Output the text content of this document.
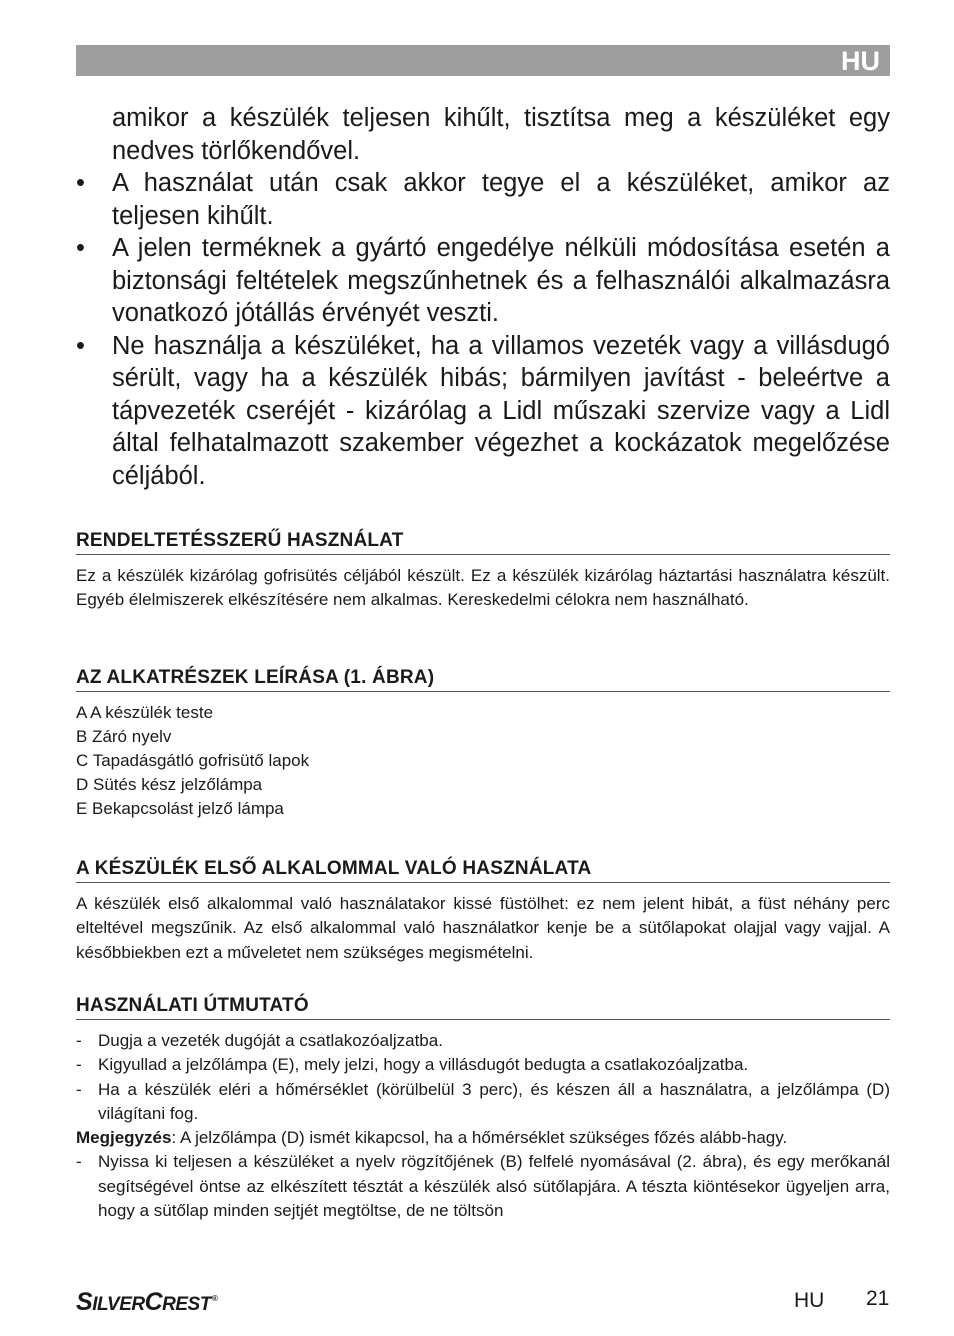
HU

amikor a készülék teljesen kihűlt, tisztítsa meg a készüléket egy nedves törlőkendővel.

• A használat után csak akkor tegye el a készüléket, amikor az teljesen kihűlt.
• A jelen terméknek a gyártó engedélye nélküli módosítása esetén a biztonsági feltételek megszűnhetnek és a felhasználói alkalmazásra vonatkozó jótállás érvényét veszti.
• Ne használja a készüléket, ha a villamos vezeték vagy a villásdugó sérült, vagy ha a készülék hibás; bármilyen javítást - beleértve a tápvezeték cseréjét - kizárólag a Lidl műszaki szervize vagy a Lidl által felhatalmazott szakember végezhet a kockázatok megelőzése céljából.
RENDELTETÉSSZERŰ HASZNÁLAT

Ez a készülék kizárólag gofrisütés céljából készült. Ez a készülék kizárólag háztartási használatra készült. Egyéb élelmiszerek elkészítésére nem alkalmas. Kereskedelmi célokra nem használható.

AZ ALKATRÉSZEK LEÍRÁSA (1. ÁBRA)
A A készülék teste
B Záró nyelv
C Tapadásgátló gofrisütő lapok
D Sütés kész jelzőlámpa
E Bekapcsolást jelző lámpa
A KÉSZÜLÉK ELSŐ ALKALOMMAL VALÓ HASZNÁLATA

A készülék első alkalommal való használatakor kissé füstölhet: ez nem jelent hibát, a füst néhány perc elteltével megszűnik. Az első alkalommal való használatkor kenje be a sütőlapokat olajjal vagy vajjal. A későbbiekben ezt a műveletet nem szükséges megismételni.

HASZNÁLATI ÚTMUTATÓ
- Dugja a vezeték dugóját a csatlakozóaljzatba.
- Kigyullad a jelzőlámpa (E), mely jelzi, hogy a villásdugót bedugta a csatlakozóaljzatba.
- Ha a készülék eléri a hőmérséklet (körülbelül 3 perc), és készen áll a használatra, a jelzőlámpa (D) világítani fog.

Megjegyzés: A jelzőlámpa (D) ismét kikapcsol, ha a hőmérséklet szükséges főzés alább-hagy.

- Nyissa ki teljesen a készüléket a nyelv rögzítőjének (B) felfelé nyomásával (2. ábra), és egy merőkanál segítségével öntse az elkészített tésztát a készülék alsó sütőlapjára. A tészta kiöntésekor ügyeljen arra, hogy a sütőlap minden sejtjét megtöltse, de ne töltsön
SILVERCREST®	HU 21
